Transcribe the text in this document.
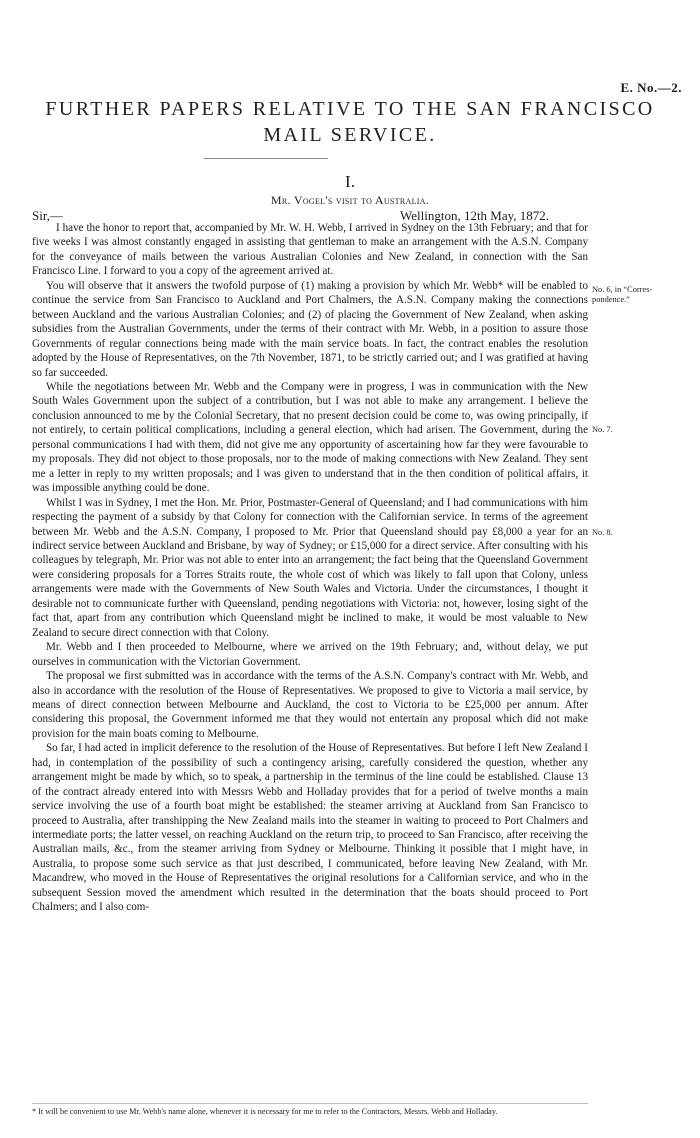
E. No.—2.
FURTHER PAPERS RELATIVE TO THE SAN FRANCISCO
MAIL SERVICE.
I.
Mr. Vogel's visit to Australia.
Sir,—	Wellington, 12th May, 1872.

I have the honor to report that, accompanied by Mr. W. H. Webb, I arrived in Sydney on the 13th February; and that for five weeks I was almost constantly engaged in assisting that gentleman to make an arrangement with the A.S.N. Company for the conveyance of mails between the various Australian Colonies and New Zealand, in connection with the San Francisco Line. I forward to you a copy of the agreement arrived at.

You will observe that it answers the twofold purpose of (1) making a provision by which Mr. Webb* will be enabled to continue the service from San Francisco to Auckland and Port Chalmers, the A.S.N. Company making the connections between Auckland and the various Australian Colonies; and (2) of placing the Government of New Zealand, when asking subsidies from the Australian Governments, under the terms of their contract with Mr. Webb, in a position to assure those Governments of regular connections being made with the main service boats. In fact, the contract enables the resolution adopted by the House of Representatives, on the 7th November, 1871, to be strictly carried out; and I was gratified at having so far succeeded.

While the negotiations between Mr. Webb and the Company were in progress, I was in communication with the New South Wales Government upon the subject of a contribution, but I was not able to make any arrangement. I believe the conclusion announced to me by the Colonial Secretary, that no present decision could be come to, was owing principally, if not entirely, to certain political complications, including a general election, which had arisen. The Government, during the personal communications I had with them, did not give me any opportunity of ascertaining how far they were favourable to my proposals. They did not object to those proposals, nor to the mode of making connections with New Zealand. They sent me a letter in reply to my written proposals; and I was given to understand that in the then condition of political affairs, it was impossible anything could be done.

Whilst I was in Sydney, I met the Hon. Mr. Prior, Postmaster-General of Queensland; and I had communications with him respecting the payment of a subsidy by that Colony for connection with the Californian service. In terms of the agreement between Mr. Webb and the A.S.N. Company, I proposed to Mr. Prior that Queensland should pay £8,000 a year for an indirect service between Auckland and Brisbane, by way of Sydney; or £15,000 for a direct service. After consulting with his colleagues by telegraph, Mr. Prior was not able to enter into an arrangement; the fact being that the Queensland Government were considering proposals for a Torres Straits route, the whole cost of which was likely to fall upon that Colony, unless arrangements were made with the Governments of New South Wales and Victoria. Under the circumstances, I thought it desirable not to communicate further with Queensland, pending negotiations with Victoria: not, however, losing sight of the fact that, apart from any contribution which Queensland might be inclined to make, it would be most valuable to New Zealand to secure direct connection with that Colony.

Mr. Webb and I then proceeded to Melbourne, where we arrived on the 19th February; and, without delay, we put ourselves in communication with the Victorian Government.

The proposal we first submitted was in accordance with the terms of the A.S.N. Company's contract with Mr. Webb, and also in accordance with the resolution of the House of Representatives. We proposed to give to Victoria a mail service, by means of direct connection between Melbourne and Auckland, the cost to Victoria to be £25,000 per annum. After considering this proposal, the Government informed me that they would not entertain any proposal which did not make provision for the main boats coming to Melbourne.

So far, I had acted in implicit deference to the resolution of the House of Representatives. But before I left New Zealand I had, in contemplation of the possibility of such a contingency arising, carefully considered the question, whether any arrangement might be made by which, so to speak, a partnership in the terminus of the line could be established. Clause 13 of the contract already entered into with Messrs Webb and Holladay provides that for a period of twelve months a main service involving the use of a fourth boat might be established: the steamer arriving at Auckland from San Francisco to proceed to Australia, after transhipping the New Zealand mails into the steamer in waiting to proceed to Port Chalmers and intermediate ports; the latter vessel, on reaching Auckland on the return trip, to proceed to San Francisco, after receiving the Australian mails, &c., from the steamer arriving from Sydney or Melbourne. Thinking it possible that I might have, in Australia, to propose some such service as that just described, I communicated, before leaving New Zealand, with Mr. Macandrew, who moved in the House of Representatives the original resolutions for a Californian service, and who in the subsequent Session moved the amendment which resulted in the determination that the boats should proceed to Port Chalmers; and I also com-

No. 6, in “Corres-
pondence.”
No. 7.
No. 8.
* It will be convenient to use Mr. Webb's name alone, whenever it is necessary for me to refer to the Contractors, Messrs. Webb and Holladay.
